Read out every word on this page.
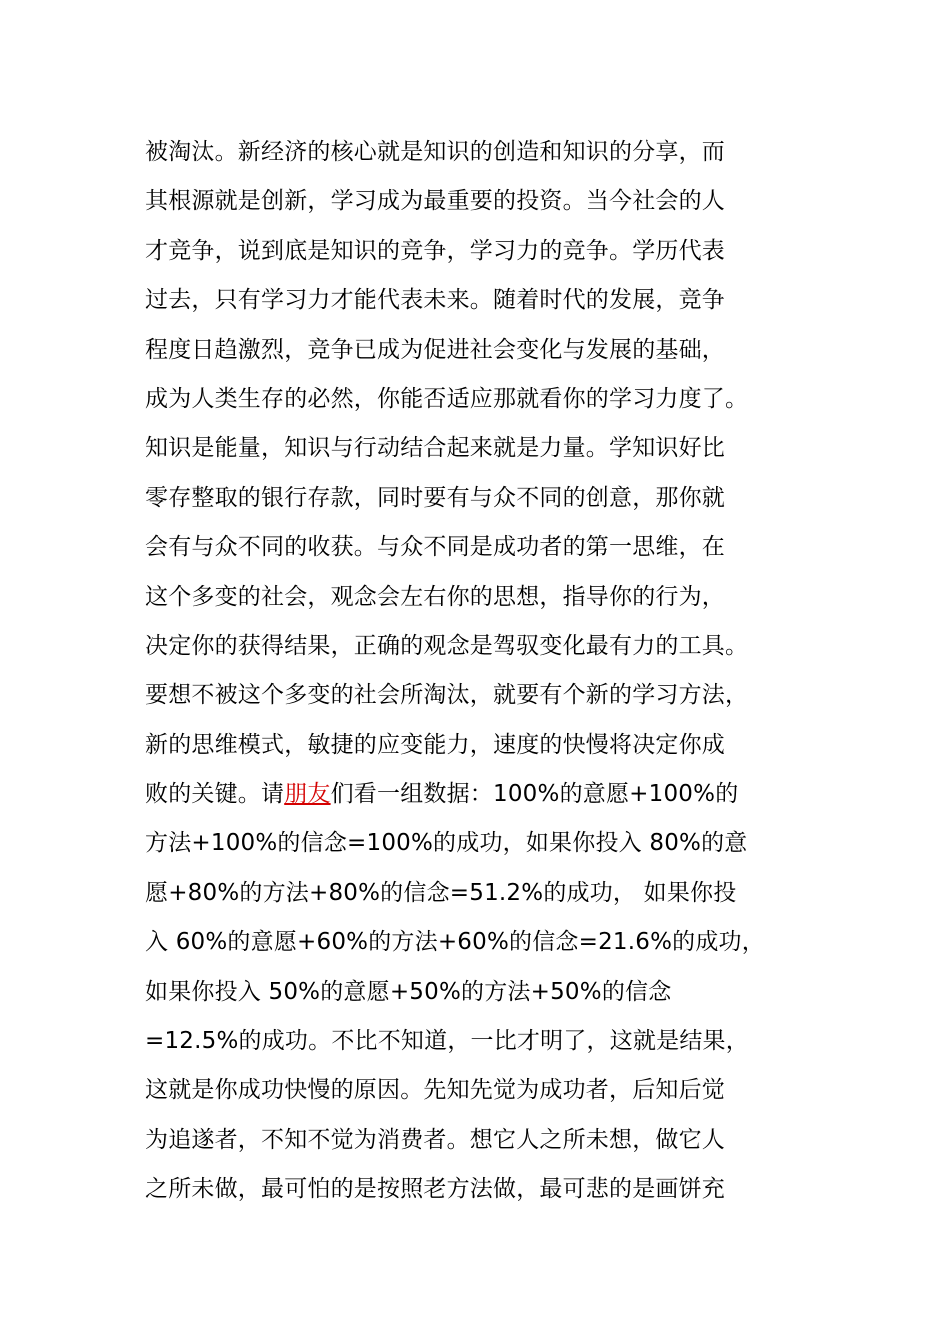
被淘汰。新经济的核心就是知识的创造和知识的分享，而
其根源就是创新，学习成为最重要的投资。当今社会的人
才竞争，说到底是知识的竞争，学习力的竞争。学历代表
过去，只有学习力才能代表未来。随着时代的发展，竞争
程度日趋激烈，竞争已成为促进社会变化与发展的基础，
成为人类生存的必然，你能否适应那就看你的学习力度了。
知识是能量，知识与行动结合起来就是力量。学知识好比
零存整取的银行存款，同时要有与众不同的创意，那你就
会有与众不同的收获。与众不同是成功者的第一思维，在
这个多变的社会，观念会左右你的思想，指导你的行为，
决定你的获得结果，正确的观念是驾驭变化最有力的工具。
要想不被这个多变的社会所淘汰，就要有个新的学习方法，
新的思维模式，敏捷的应变能力，速度的快慢将决定你成
败的关键。请朋友们看一组数据：100%的意愿+100%的
方法+100%的信念=100%的成功，如果你投入 80%的意
愿+80%的方法+80%的信念=51.2%的成功， 如果你投
入 60%的意愿+60%的方法+60%的信念=21.6%的成功，
如果你投入 50%的意愿+50%的方法+50%的信念
=12.5%的成功。不比不知道，一比才明了，这就是结果，
这就是你成功快慢的原因。先知先觉为成功者，后知后觉
为追遂者，不知不觉为消费者。想它人之所未想，做它人
之所未做，最可怕的是按照老方法做，最可悲的是画饼充
